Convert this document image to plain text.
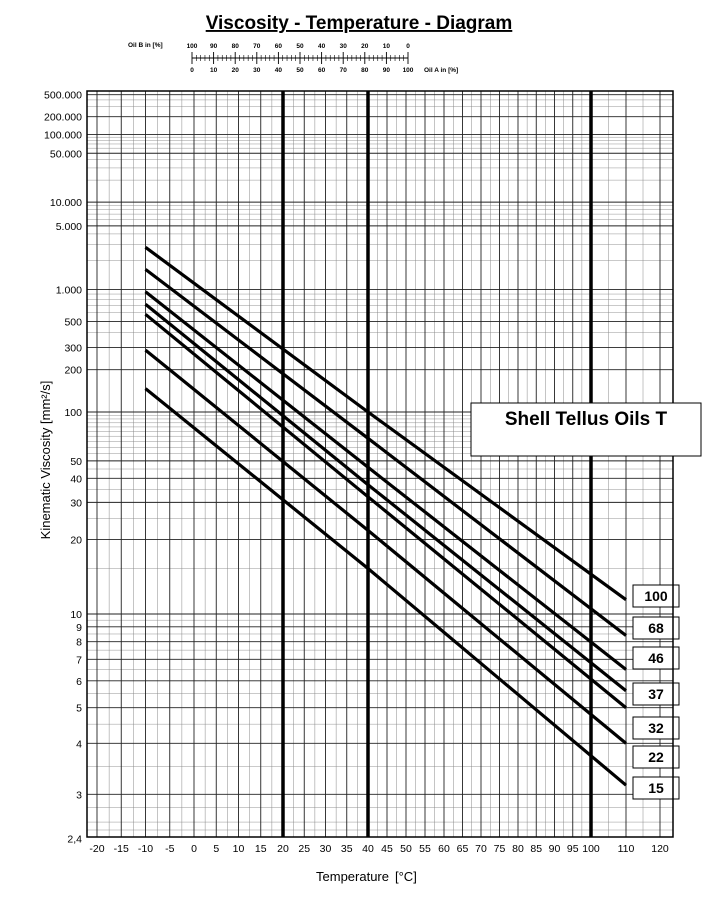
Viscosity - Temperature - Diagram
Oil B in [%]
Oil A in [%]
100 90 80 70 60 50 40 30 20 10 0
0 10 20 30 40 50 60 70 80 90 100
-20 -15 -10 -5 0 5 10 15 20 25 30 35 40 45 50 55 60 65 70 75 80 85 90 95 100 110 120
2,4
3
4
5
6
7
8
9
10
20
30
40
50
100
200
300
500
1.000
5.000
10.000
50.000
100.000
200.000
500.000
100
68
46
37
32
22
15
Kinematic Viscosity [mm²/s]
Temperature [°C]
Shell Tellus Oils T
